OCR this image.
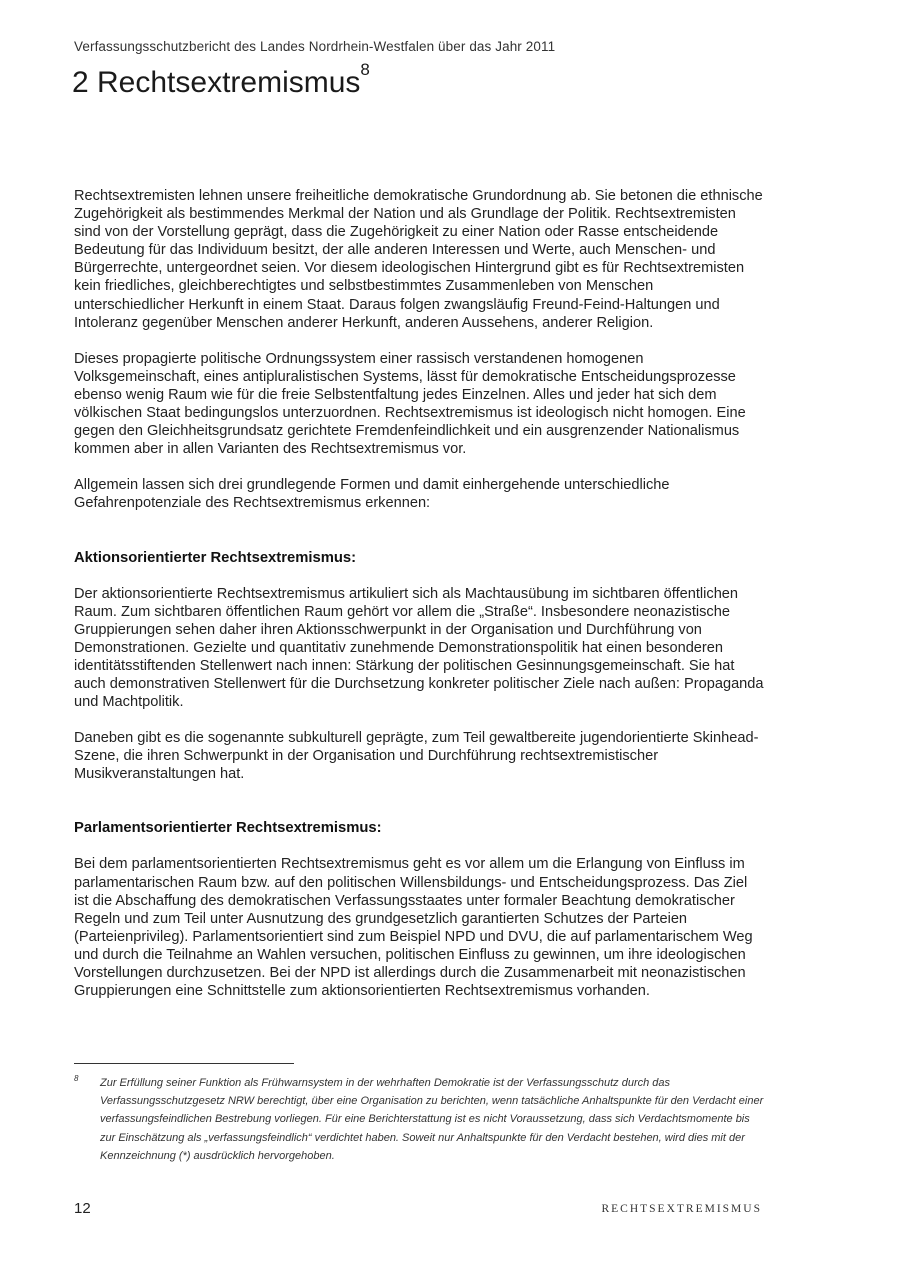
Verfassungsschutzbericht des Landes Nordrhein-Westfalen über das Jahr 2011
2 Rechtsextremismus$^8$

Rechtsextremisten lehnen unsere freiheitliche demokratische Grundordnung ab. Sie betonen die ethnische Zugehörigkeit als bestimmendes Merkmal der Nation und als Grundlage der Politik. Rechtsextremisten sind von der Vorstellung geprägt, dass die Zugehörigkeit zu einer Nation oder Rasse entscheidende Bedeutung für das Individuum besitzt, der alle anderen Interessen und Werte, auch Menschen- und Bürgerrechte, untergeordnet seien. Vor diesem ideologischen Hintergrund gibt es für Rechtsextremisten kein friedliches, gleichberechtigtes und selbstbestimmtes Zusammenleben von Menschen unterschiedlicher Herkunft in einem Staat. Daraus folgen zwangsläufig Freund-Feind-Haltungen und Intoleranz gegenüber Menschen anderer Herkunft, anderen Aussehens, anderer Religion.

Dieses propagierte politische Ordnungssystem einer rassisch verstandenen homogenen Volksgemeinschaft, eines antipluralistischen Systems, lässt für demokratische Entscheidungsprozesse ebenso wenig Raum wie für die freie Selbstentfaltung jedes Einzelnen. Alles und jeder hat sich dem völkischen Staat bedingungslos unterzuordnen. Rechtsextremismus ist ideologisch nicht homogen. Eine gegen den Gleichheitsgrundsatz gerichtete Fremdenfeindlichkeit und ein ausgrenzender Nationalismus kommen aber in allen Varianten des Rechtsextremismus vor.

Allgemein lassen sich drei grundlegende Formen und damit einhergehende unterschiedliche Gefahrenpotenziale des Rechtsextremismus erkennen:

Aktionsorientierter Rechtsextremismus:

Der aktionsorientierte Rechtsextremismus artikuliert sich als Machtausübung im sichtbaren öffentlichen Raum. Zum sichtbaren öffentlichen Raum gehört vor allem die „Straße“. Insbesondere neonazistische Gruppierungen sehen daher ihren Aktionsschwerpunkt in der Organisation und Durchführung von Demonstrationen. Gezielte und quantitativ zunehmende Demonstrationspolitik hat einen besonderen identitätsstiftenden Stellenwert nach innen: Stärkung der politischen Gesinnungsgemeinschaft. Sie hat auch demonstrativen Stellenwert für die Durchsetzung konkreter politischer Ziele nach außen: Propaganda und Machtpolitik.

Daneben gibt es die sogenannte subkulturell geprägte, zum Teil gewaltbereite jugendorientierte Skinhead-Szene, die ihren Schwerpunkt in der Organisation und Durchführung rechtsextremistischer Musikveranstaltungen hat.

Parlamentsorientierter Rechtsextremismus:

Bei dem parlamentsorientierten Rechtsextremismus geht es vor allem um die Erlangung von Einfluss im parlamentarischen Raum bzw. auf den politischen Willensbildungs- und Entscheidungsprozess. Das Ziel ist die Abschaffung des demokratischen Verfassungsstaates unter formaler Beachtung demokratischer Regeln und zum Teil unter Ausnutzung des grundgesetzlich garantierten Schutzes der Parteien (Parteienprivileg). Parlamentsorientiert sind zum Beispiel NPD und DVU, die auf parlamentarischem Weg und durch die Teilnahme an Wahlen versuchen, politischen Einfluss zu gewinnen, um ihre ideologischen Vorstellungen durchzusetzen. Bei der NPD ist allerdings durch die Zusammenarbeit mit neonazistischen Gruppierungen eine Schnittstelle zum aktionsorientierten Rechtsextremismus vorhanden.

8 Zur Erfüllung seiner Funktion als Frühwarnsystem in der wehrhaften Demokratie ist der Verfassungsschutz durch das Verfassungsschutzgesetz NRW berechtigt, über eine Organisation zu berichten, wenn tatsächliche Anhaltspunkte für den Verdacht einer verfassungsfeindlichen Bestrebung vorliegen. Für eine Berichterstattung ist es nicht Voraussetzung, dass sich Verdachtsmomente bis zur Einschätzung als „verfassungsfeindlich“ verdichtet haben. Soweit nur Anhaltspunkte für den Verdacht bestehen, wird dies mit der Kennzeichnung (*) ausdrücklich hervorgehoben.
12	RECHTSEXTREMISMUS
